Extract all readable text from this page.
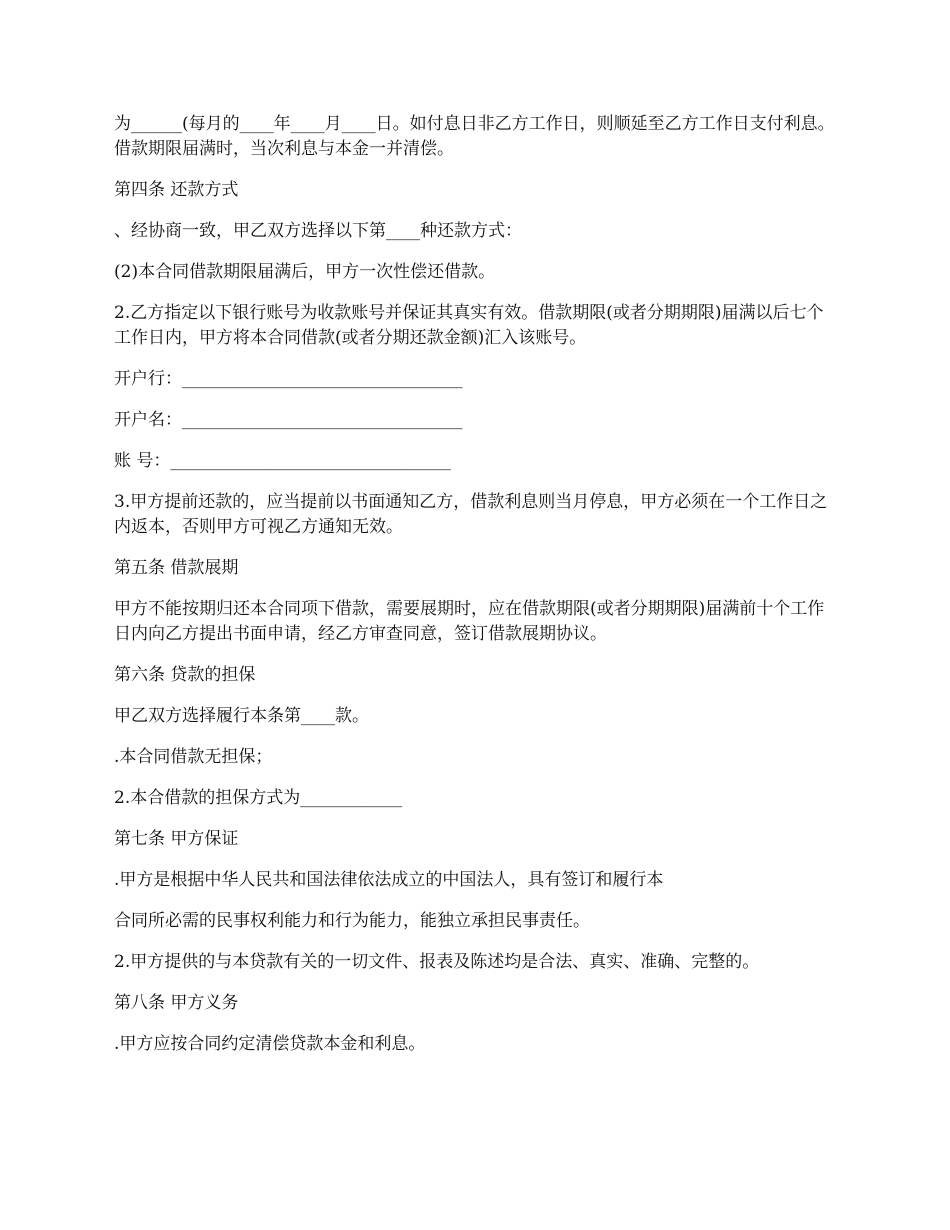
为______(每月的____年____月____日。如付息日非乙方工作日，则顺延至乙方工作日支付利息。借款期限届满时，当次利息与本金一并清偿。

第四条 还款方式

、经协商一致，甲乙双方选择以下第____种还款方式：

(2)本合同借款期限届满后，甲方一次性偿还借款。

2.乙方指定以下银行账号为收款账号并保证其真实有效。借款期限(或者分期期限)届满以后七个工作日内，甲方将本合同借款(或者分期还款金额)汇入该账号。

开户行：_________________________________

开户名：_________________________________

账 号：_________________________________

3.甲方提前还款的，应当提前以书面通知乙方，借款利息则当月停息，甲方必须在一个工作日之内返本，否则甲方可视乙方通知无效。

第五条 借款展期

甲方不能按期归还本合同项下借款，需要展期时，应在借款期限(或者分期期限)届满前十个工作日内向乙方提出书面申请，经乙方审查同意，签订借款展期协议。

第六条 贷款的担保

甲乙双方选择履行本条第____款。

.本合同借款无担保；

2.本合借款的担保方式为____________

第七条 甲方保证

.甲方是根据中华人民共和国法律依法成立的中国法人，具有签订和履行本

合同所必需的民事权利能力和行为能力，能独立承担民事责任。

2.甲方提供的与本贷款有关的一切文件、报表及陈述均是合法、真实、准确、完整的。

第八条 甲方义务

.甲方应按合同约定清偿贷款本金和利息。
